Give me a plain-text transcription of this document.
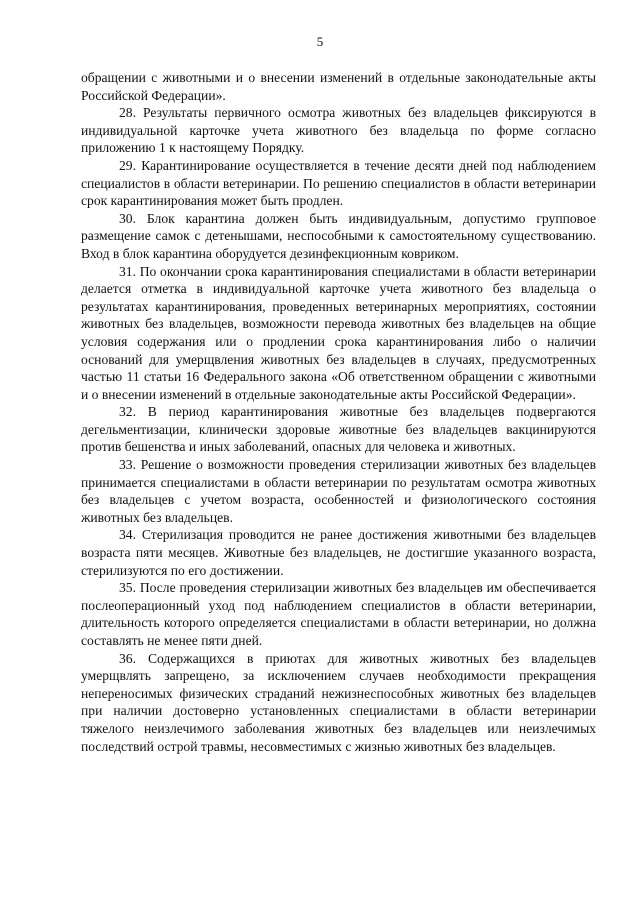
5

обращении с животными и о внесении изменений в отдельные законодательные акты Российской Федерации».

28. Результаты первичного осмотра животных без владельцев фиксируются в индивидуальной карточке учета животного без владельца по форме согласно приложению 1 к настоящему Порядку.

29. Карантинирование осуществляется в течение десяти дней под наблюдением специалистов в области ветеринарии. По решению специалистов в области ветеринарии срок карантинирования может быть продлен.

30. Блок карантина должен быть индивидуальным, допустимо групповое размещение самок с детенышами, неспособными к самостоятельному существованию. Вход в блок карантина оборудуется дезинфекционным ковриком.

31. По окончании срока карантинирования специалистами в области ветеринарии делается отметка в индивидуальной карточке учета животного без владельца о результатах карантинирования, проведенных ветеринарных мероприятиях, состоянии животных без владельцев, возможности перевода животных без владельцев на общие условия содержания или о продлении срока карантинирования либо о наличии оснований для умерщвления животных без владельцев в случаях, предусмотренных частью 11 статьи 16 Федерального закона «Об ответственном обращении с животными и о внесении изменений в отдельные законодательные акты Российской Федерации».

32. В период карантинирования животные без владельцев подвергаются дегельментизации, клинически здоровые животные без владельцев вакцинируются против бешенства и иных заболеваний, опасных для человека и животных.

33. Решение о возможности проведения стерилизации животных без владельцев принимается специалистами в области ветеринарии по результатам осмотра животных без владельцев с учетом возраста, особенностей и физиологического состояния животных без владельцев.

34. Стерилизация проводится не ранее достижения животными без владельцев возраста пяти месяцев. Животные без владельцев, не достигшие указанного возраста, стерилизуются по его достижении.

35. После проведения стерилизации животных без владельцев им обеспечивается послеоперационный уход под наблюдением специалистов в области ветеринарии, длительность которого определяется специалистами в области ветеринарии, но должна составлять не менее пяти дней.

36. Содержащихся в приютах для животных животных без владельцев умерщвлять запрещено, за исключением случаев необходимости прекращения непереносимых физических страданий нежизнеспособных животных без владельцев при наличии достоверно установленных специалистами в области ветеринарии тяжелого неизлечимого заболевания животных без владельцев или неизлечимых последствий острой травмы, несовместимых с жизнью животных без владельцев.
